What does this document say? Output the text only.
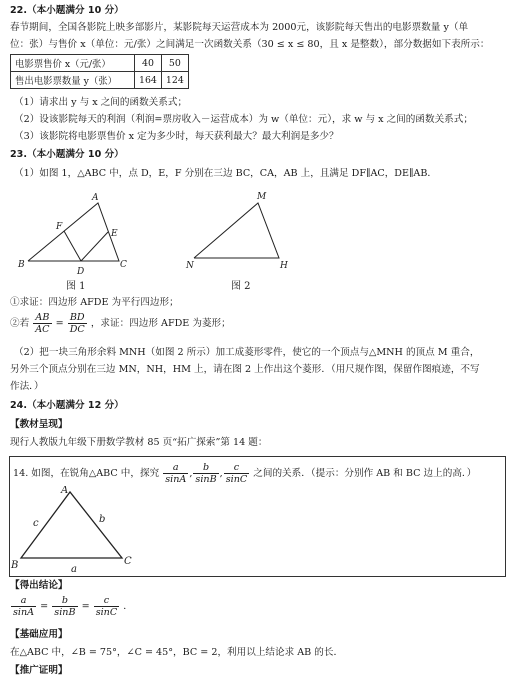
22.（本小题满分 10 分）
春节期间，全国各影院上映多部影片，某影院每天运营成本为 2000元，该影院每天售出的电影票数量 y（单
位：张）与售价 x（单位：元/张）之间满足一次函数关系（30 ≤ x ≤ 80，且 x 是整数），部分数据如下表所示：
电影票售价 x（元/张）	40	50
售出电影票数量 y（张）	164	124
（1）请求出 y 与 x 之间的函数关系式；
（2）设该影院每天的利润（利润=票房收入－运营成本）为 w（单位：元），求 w 与 x 之间的函数关系式；
（3）该影院将电影票售价 x 定为多少时，每天获利最大？最大利润是多少？
23.（本小题满分 10 分）
（1）如图 1，△ABC 中，点 D，E，F 分别在三边 BC，CA，AB 上，且满足 DF∥AC，DE∥AB．
A
B	C
D
E
F
图 1
M
N	H
图 2
①求证：四边形 AFDE 为平行四边形；
②若 $\frac{AB}{AC} = \frac{BD}{DC}$ ，求证：四边形 AFDE 为菱形；
（2）把一块三角形余料 MNH（如图 2 所示）加工成菱形零件，使它的一个顶点与△MNH 的顶点 M 重合，
另外三个顶点分别在三边 MN，NH，HM 上，请在图 2 上作出这个菱形．（用尺规作图，保留作图痕迹，不写
作法．）
24.（本小题满分 12 分）
【教材呈现】
现行人教版九年级下册数学教材 85 页“拓广探索”第 14 题：
14. 如图，在锐角△ABC 中，探究 $\frac{a}{\sin A}$ , $\frac{b}{\sin B}$ , $\frac{c}{\sin C}$ 之间的关系．（提示：分别作 AB 和 BC 边上的高．）
A
B	C
a
b
c
【得出结论】
$\frac{a}{\sin A} = \frac{b}{\sin B} = \frac{c}{\sin C}$ ．
【基础应用】
在△ABC 中，∠B = 75°，∠C = 45°，BC = 2，利用以上结论求 AB 的长．
【推广证明】
